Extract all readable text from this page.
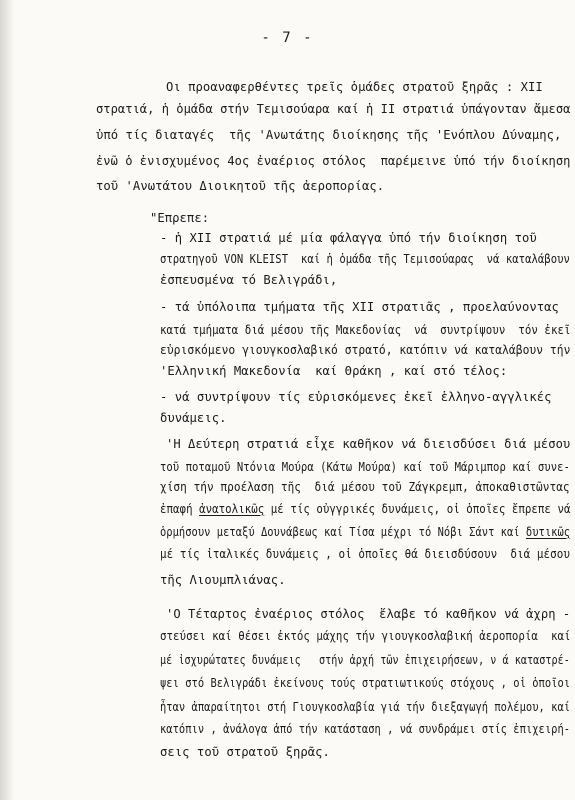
- 7 -
Οι προαναφερθέντες τρεῖς ὁμάδες στρατοῦ ξηρᾶς : XII
στρατιά, ἡ ὁμάδα στήν Τεμισούαρα καί ἡ II στρατιά ὑπάγονταν ἄμεσα
ὑπό τίς διαταγές  τῆς 'Ανωτάτης διοίκησης τῆς 'Ενόπλου Δύναμης,
ἐνῶ ὁ ἐνισχυμένος 4ος ἐναέριος στόλος  παρέμεινε ὑπό τήν διοίκηση
τοῦ 'Ανωτάτου Διοικητοῦ τῆς ἀεροπορίας.
"Επρεπε:
- ἡ XII στρατιά μέ μία φάλαγγα ὑπό τήν διοίκηση τοῦ
στρατηγοῦ VON KLEIST  καί ἡ ὁμάδα τῆς Τεμισούαρας  νά καταλάβουν
ἐσπευσμένα τό Βελιγράδι,
- τά ὑπόλοιπα τμήματα τῆς XII στρατιᾶς , προελαύνοντας
κατά τμήματα διά μέσου τῆς Μακεδονίας  νά  συντρίψουν  τόν ἐκεῖ
εὑρισκόμενο γιουγκοσλαβικό στρατό, κατόπιν νά καταλάβουν τήν
'Ελληνική Μακεδονία  καί Θράκη , καί στό τέλος:
- νά συντρίψουν τίς εὑρισκόμενες ἐκεῖ ἑλληνο-αγγλικές
δυνάμεις.
'Η Δεύτερη στρατιά εἶχε καθῆκον νά διεισδύσει διά μέσου
τοῦ ποταμοῦ Ντόνια Μούρα (Κάτω Μούρα) καί τοῦ Μάριμπορ καί συνε-
χίση τήν προέλαση τῆς  διά μέσου τοῦ Ζάγκρεμπ, ἀποκαθιστῶντας
ἐπαφή ἀνατολικῶς μέ τίς οὐγγρικές δυνάμεις, οἱ ὁποῖες ἔπρεπε νά
ὁρμήσουν μεταξύ Δουνάβεως καί Τίσα μέχρι τό Νόβι Σάντ καί δυτικῶς
μέ τίς ἰταλικές δυνάμεις , οἱ ὁποῖες θά διεισδύσουν  διά μέσου
τῆς Λιουμπλιάνας.
'Ο Τέταρτος ἐναέριος στόλος  ἔλαβε τό καθῆκον νά ἀχρη -
στεύσει καί θέσει ἐκτός μάχης τήν γιουγκοσλαβική ἀεροπορία  καί
μέ ἰσχυρώτατες δυνάμεις   στήν ἀρχή τῶν ἐπιχειρήσεων, ν ά καταστρέ-
ψει στό Βελιγράδι ἐκείνους τούς στρατιωτικούς στόχους , οἱ ὁποῖοι
ἦταν ἀπαραίτητοι στή Γιουγκοσλαβία γιά τήν διεξαγωγή πολέμου, καί
κατόπιν , ἀνάλογα ἀπό τήν κατάσταση , νά συνδράμει στίς ἐπιχειρή-
σεις τοῦ στρατοῦ ξηρᾶς.
